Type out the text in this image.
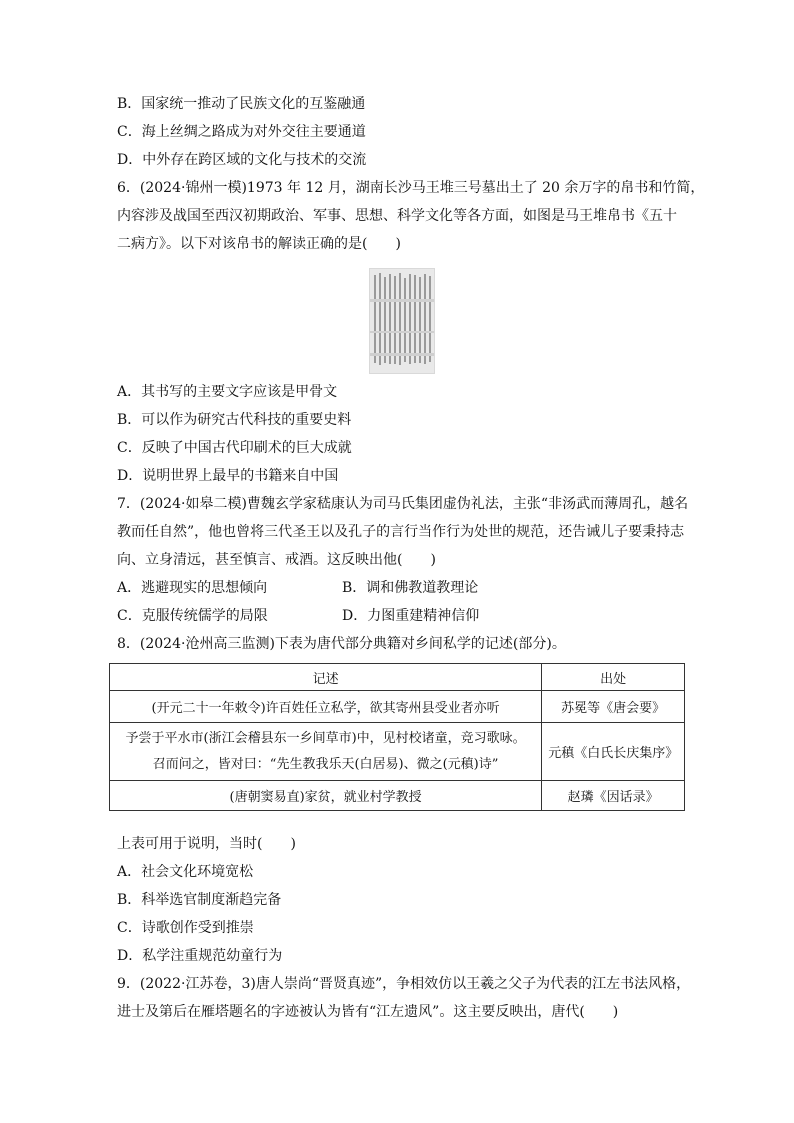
B．国家统一推动了民族文化的互鉴融通
C．海上丝绸之路成为对外交往主要通道
D．中外存在跨区域的文化与技术的交流
6．(2024·锦州一模)1973 年 12 月，湖南长沙马王堆三号墓出土了 20 余万字的帛书和竹简，
内容涉及战国至西汉初期政治、军事、思想、科学文化等各方面，如图是马王堆帛书《五十
二病方》。以下对该帛书的解读正确的是(　　)
A．其书写的主要文字应该是甲骨文
B．可以作为研究古代科技的重要史料
C．反映了中国古代印刷术的巨大成就
D．说明世界上最早的书籍来自中国
7．(2024·如皋二模)曹魏玄学家嵇康认为司马氏集团虚伪礼法，主张“非汤武而薄周孔，越名
教而任自然”，他也曾将三代圣王以及孔子的言行当作行为处世的规范，还告诫儿子要秉持志
向、立身清远，甚至慎言、戒酒。这反映出他(　　)
A．逃避现实的思想倾向	B．调和佛教道教理论
C．克服传统儒学的局限	D．力图重建精神信仰
8．(2024·沧州高三监测)下表为唐代部分典籍对乡间私学的记述(部分)。
记述	出处
(开元二十一年敕令)许百姓任立私学，欲其寄州县受业者亦听	苏冕等《唐会要》

予尝于平水市(浙江会稽县东一乡间草市)中，见村校诸童，竞习歌咏。
召而问之，皆对曰：“先生教我乐天(白居易)、微之(元稹)诗”	元稹《白氏长庆集序》
(唐朝窦易直)家贫，就业村学教授	赵璘《因话录》
上表可用于说明，当时(　　)
A．社会文化环境宽松
B．科举选官制度渐趋完备
C．诗歌创作受到推崇
D．私学注重规范幼童行为
9．(2022·江苏卷，3)唐人崇尚“晋贤真迹”，争相效仿以王羲之父子为代表的江左书法风格，
进士及第后在雁塔题名的字迹被认为皆有“江左遗风”。这主要反映出，唐代(　　)
